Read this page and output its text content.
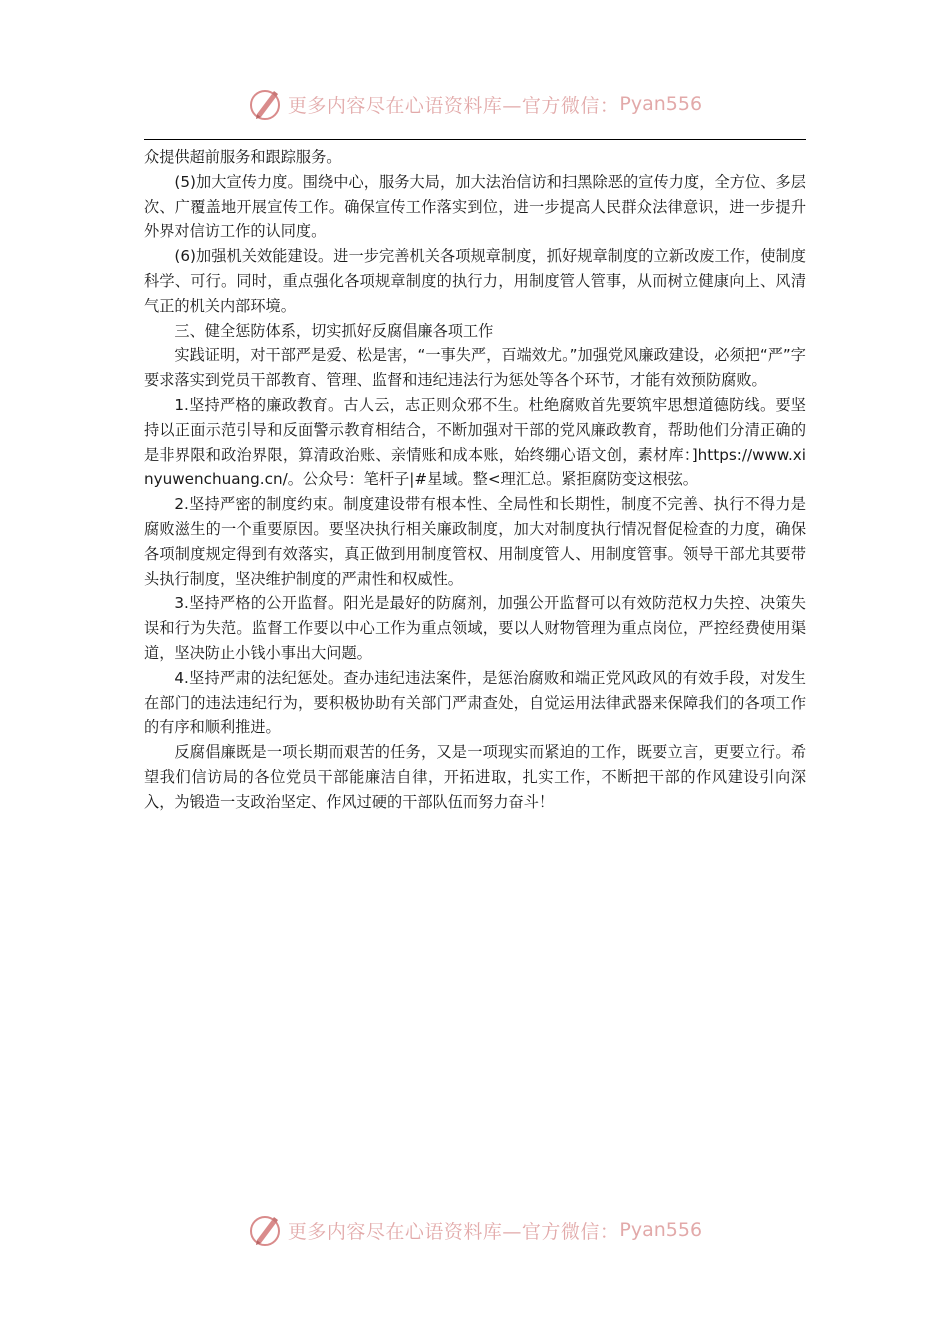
更多内容尽在心语资料库—官方微信： Pyan556

众提供超前服务和跟踪服务。

(5)加大宣传力度。围绕中心，服务大局，加大法治信访和扫黑除恶的宣传力度，全方位、多层次、广覆盖地开展宣传工作。确保宣传工作落实到位，进一步提高人民群众法律意识，进一步提升外界对信访工作的认同度。

(6)加强机关效能建设。进一步完善机关各项规章制度，抓好规章制度的立新改废工作，使制度科学、可行。同时，重点强化各项规章制度的执行力，用制度管人管事，从而树立健康向上、风清气正的机关内部环境。

三、健全惩防体系，切实抓好反腐倡廉各项工作

实践证明，对干部严是爱、松是害，“一事失严，百端效尤。”加强党风廉政建设，必须把“严”字要求落实到党员干部教育、管理、监督和违纪违法行为惩处等各个环节，才能有效预防腐败。

1.坚持严格的廉政教育。古人云，志正则众邪不生。杜绝腐败首先要筑牢思想道德防线。要坚持以正面示范引导和反面警示教育相结合，不断加强对干部的党风廉政教育，帮助他们分清正确的是非界限和政治界限，算清政治账、亲情账和成本账，始终绷心语文创，素材库：]https://www.xinyuwenchuang.cn/。公众号：笔杆子|#星域。整<理汇总。紧拒腐防变这根弦。

2.坚持严密的制度约束。制度建设带有根本性、全局性和长期性，制度不完善、执行不得力是腐败滋生的一个重要原因。要坚决执行相关廉政制度，加大对制度执行情况督促检查的力度，确保各项制度规定得到有效落实，真正做到用制度管权、用制度管人、用制度管事。领导干部尤其要带头执行制度，坚决维护制度的严肃性和权威性。

3.坚持严格的公开监督。阳光是最好的防腐剂，加强公开监督可以有效防范权力失控、决策失误和行为失范。监督工作要以中心工作为重点领域，要以人财物管理为重点岗位，严控经费使用渠道，坚决防止小钱小事出大问题。

4.坚持严肃的法纪惩处。查办违纪违法案件，是惩治腐败和端正党风政风的有效手段，对发生在部门的违法违纪行为，要积极协助有关部门严肃查处，自觉运用法律武器来保障我们的各项工作的有序和顺利推进。

反腐倡廉既是一项长期而艰苦的任务，又是一项现实而紧迫的工作，既要立言，更要立行。希望我们信访局的各位党员干部能廉洁自律，开拓进取，扎实工作，不断把干部的作风建设引向深入，为锻造一支政治坚定、作风过硬的干部队伍而努力奋斗！

更多内容尽在心语资料库—官方微信： Pyan556
